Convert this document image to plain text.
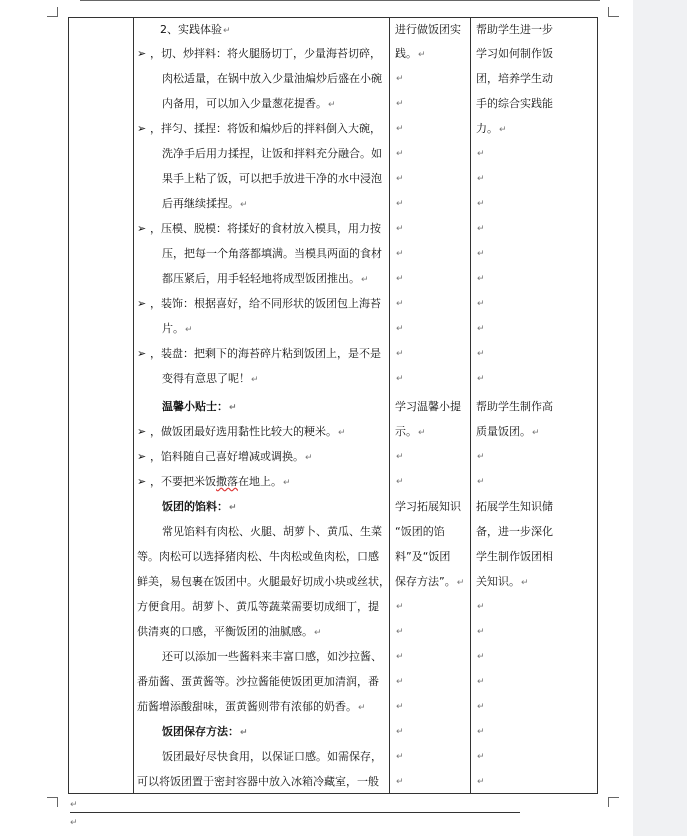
↵
↵
2、实践体验↵
➢ ，切、炒拌料：将火腿肠切丁，少量海苔切碎，
肉松适量，在锅中放入少量油煸炒后盛在小碗
内备用，可以加入少量葱花提香。↵
➢ ，拌匀、揉捏：将饭和煸炒后的拌料倒入大碗，
洗净手后用力揉捏，让饭和拌料充分融合。如
果手上粘了饭，可以把手放进干净的水中浸泡
后再继续揉捏。↵
➢ ，压模、脱模：将揉好的食材放入模具，用力按
压，把每一个角落都填满。当模具两面的食材
都压紧后，用手轻轻地将成型饭团推出。↵
➢ ，装饰：根据喜好，给不同形状的饭团包上海苔
片。↵
➢ ，装盘：把剩下的海苔碎片粘到饭团上，是不是
变得有意思了呢！↵
温馨小贴士：↵
➢ ，做饭团最好选用黏性比较大的粳米。↵
➢ ，馅料随自己喜好增减或调换。↵
➢ ，不要把米饭撒落在地上。↵
饭团的馅料：↵
常见馅料有肉松、火腿、胡萝卜、黄瓜、生菜
等。肉松可以选择猪肉松、牛肉松或鱼肉松，口感
鲜美，易包裹在饭团中。火腿最好切成小块或丝状，
方便食用。胡萝卜、黄瓜等蔬菜需要切成细丁，提
供清爽的口感，平衡饭团的油腻感。↵
还可以添加一些酱料来丰富口感，如沙拉酱、
番茄酱、蛋黄酱等。沙拉酱能使饭团更加清润，番
茄酱增添酸甜味，蛋黄酱则带有浓郁的奶香。↵
饭团保存方法：↵
饭团最好尽快食用，以保证口感。如需保存，
可以将饭团置于密封容器中放入冰箱冷藏室，一般
进行做饭团实
践。↵
学习温馨小提
示。↵
学习拓展知识
“饭团的馅
料”及“饭团
保存方法”。↵
↵
↵
↵
↵
↵
↵
↵
↵
↵
↵
↵
↵
↵
↵
↵
↵
↵
↵
↵
↵
↵
↵
↵
帮助学生进一步
学习如何制作饭
团，培养学生动
手的综合实践能
力。↵
帮助学生制作高
质量饭团。↵
拓展学生知识储
备，进一步深化
学生制作饭团相
关知识。↵
↵
↵
↵
↵
↵
↵
↵
↵
↵
↵
↵
↵
↵
↵
↵
↵
↵
↵
↵
↵
